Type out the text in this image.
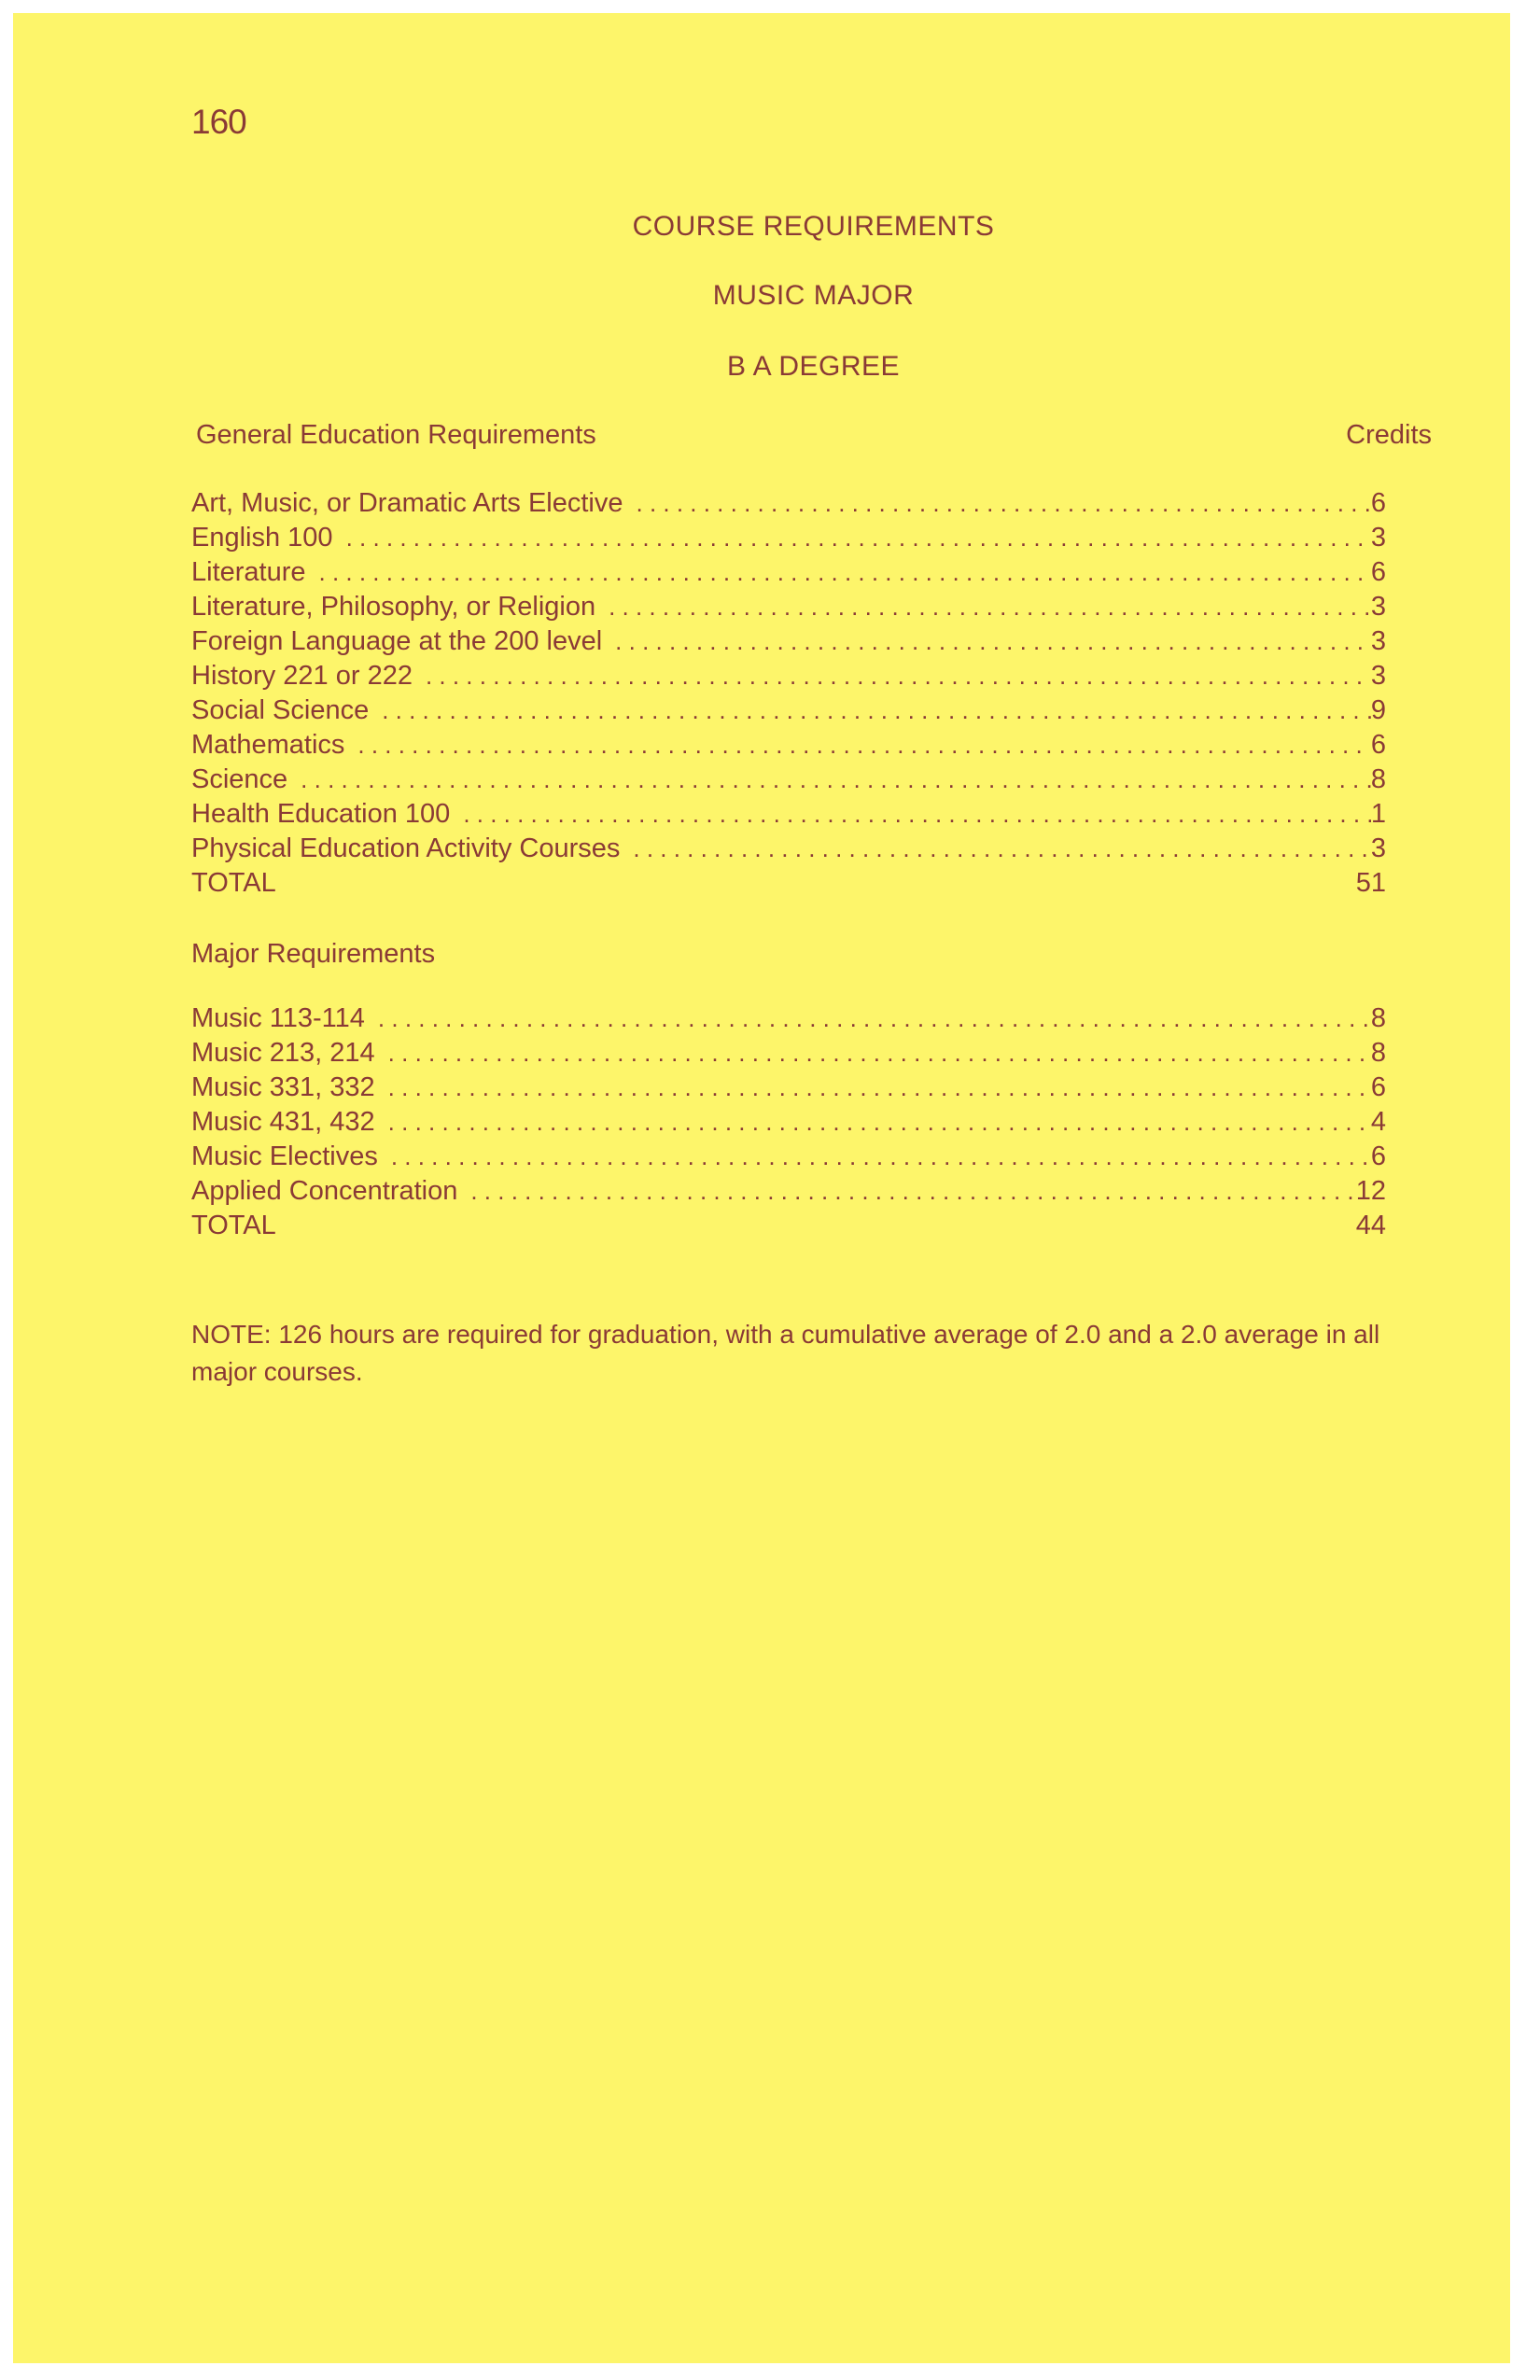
160
COURSE REQUIREMENTS
MUSIC MAJOR
B A DEGREE
General Education Requirements	Credits
Art, Music, or Dramatic Arts Elective . . .	6
English 100 . . .	3
Literature . . .	6
Literature, Philosophy, or Religion . . .	3
Foreign Language at the 200 level . . .	3
History 221 or 222 . . .	3
Social Science . . .	9
Mathematics . . .	6
Science . . .	8
Health Education 100 . . .	1
Physical Education Activity Courses . . .	3
TOTAL	51
Major Requirements
Music 113-114 . . .	8
Music 213, 214 . . .	8
Music 331, 332 . . .	6
Music 431, 432 . . .	4
Music Electives . . .	6
Applied Concentration . . .	12
TOTAL	44
NOTE: 126 hours are required for graduation, with a cumulative average of 2.0 and a 2.0 average in all major courses.
